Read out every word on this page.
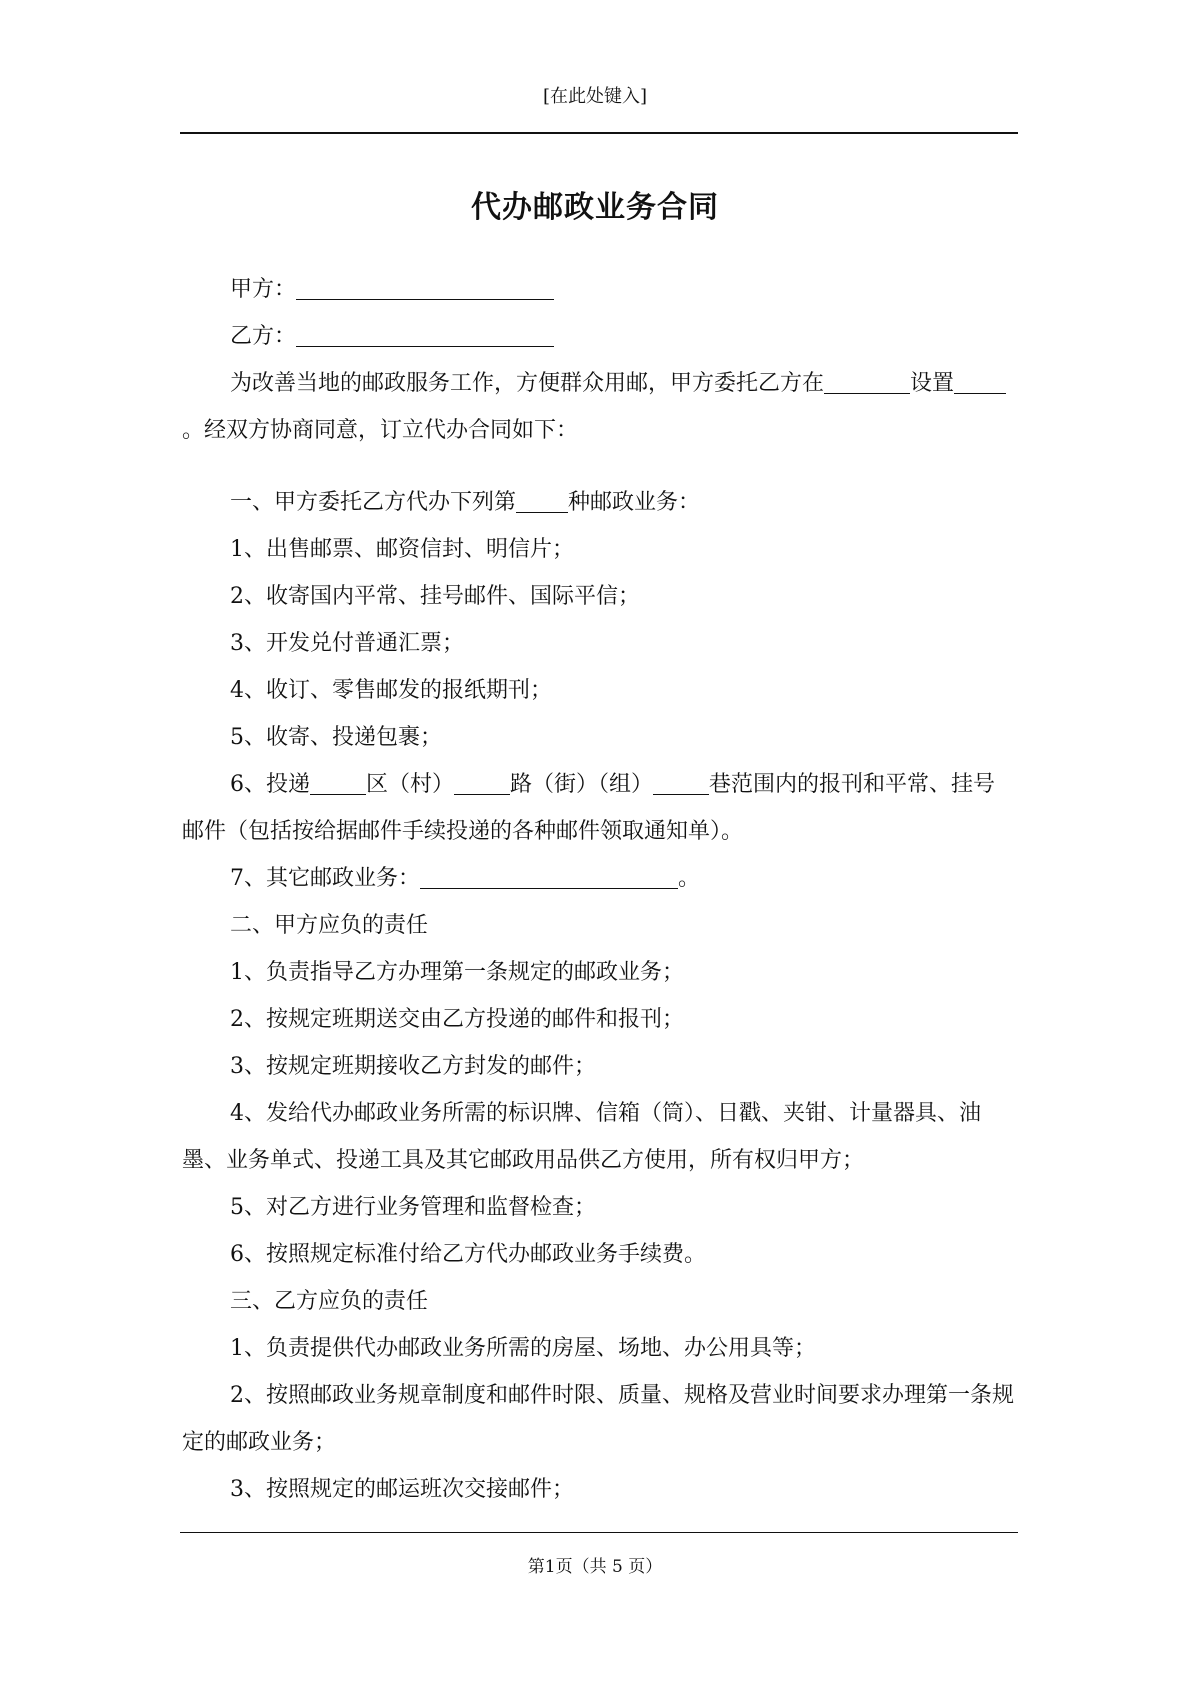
[在此处键入]
代办邮政业务合同

甲方：

乙方：

为改善当地的邮政服务工作，方便群众用邮，甲方委托乙方在	设置。经双方协商同意，订立代办合同如下：

一、甲方委托乙方代办下列第 种邮政业务：

1、出售邮票、邮资信封、明信片；

2、收寄国内平常、挂号邮件、国际平信；

3、开发兑付普通汇票；

4、收订、零售邮发的报纸期刊；

5、收寄、投递包裹；

6、投递	区（村）	路（街）（组）	巷范围内的报刊和平常、挂号邮件（包括按给据邮件手续投递的各种邮件领取通知单）。

7、其它邮政业务：	。

二、甲方应负的责任

1、负责指导乙方办理第一条规定的邮政业务；

2、按规定班期送交由乙方投递的邮件和报刊；

3、按规定班期接收乙方封发的邮件；

4、发给代办邮政业务所需的标识牌、信箱（筒）、日戳、夹钳、计量器具、油墨、业务单式、投递工具及其它邮政用品供乙方使用，所有权归甲方；

5、对乙方进行业务管理和监督检查；

6、按照规定标准付给乙方代办邮政业务手续费。

三、乙方应负的责任

1、负责提供代办邮政业务所需的房屋、场地、办公用具等；

2、按照邮政业务规章制度和邮件时限、质量、规格及营业时间要求办理第一条规定的邮政业务；

3、按照规定的邮运班次交接邮件；

第1页（共 5 页）
